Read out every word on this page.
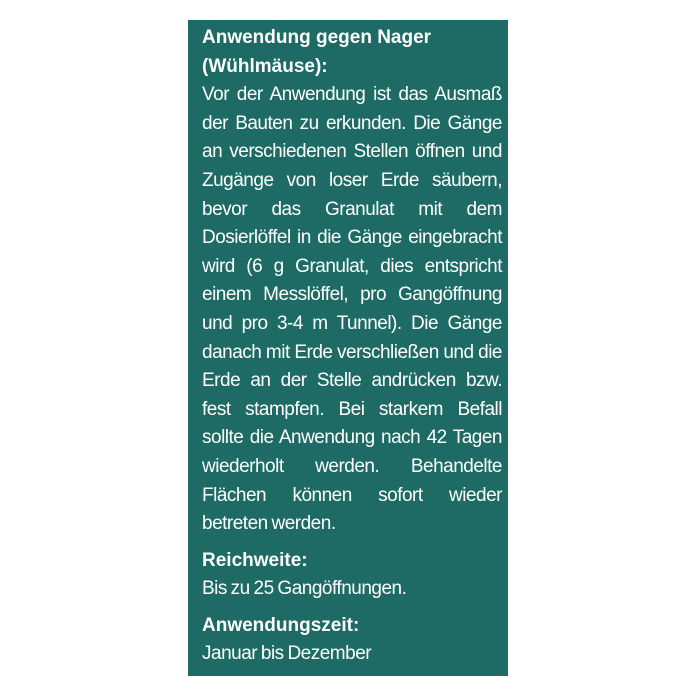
Anwendung gegen Nager
(Wühlmäuse):

Vor der Anwendung ist das Ausmaß der Bauten zu erkunden. Die Gänge an verschiedenen Stellen öffnen und Zugänge von loser Erde säubern, bevor das Granulat mit dem Dosierlöffel in die Gänge eingebracht wird (6 g Granulat, dies entspricht einem Messlöffel, pro Gangöffnung und pro 3-4 m Tunnel). Die Gänge danach mit Erde verschließen und die Erde an der Stelle andrücken bzw. fest stampfen. Bei starkem Befall sollte die Anwendung nach 42 Tagen wiederholt werden. Behandelte Flächen können sofort wieder betreten werden.

Reichweite:

Bis zu 25 Gangöffnungen.

Anwendungszeit:

Januar bis Dezember
